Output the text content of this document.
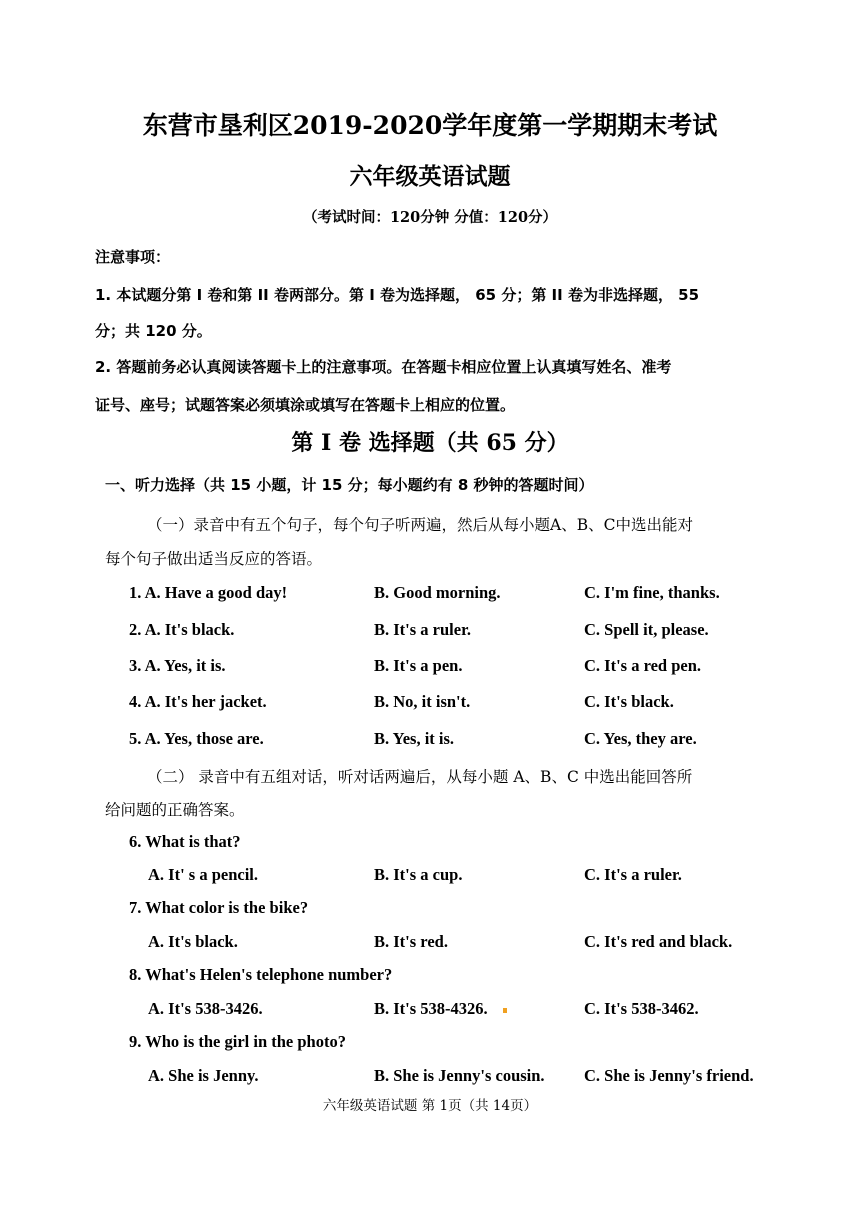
东营市垦利区2019-2020学年度第一学期期末考试
六年级英语试题
（考试时间：120分钟 分值：120分）
注意事项：
1. 本试题分第 I 卷和第 II 卷两部分。第 I 卷为选择题， 65 分；第 II 卷为非选择题， 55
分；共 120 分。
2. 答题前务必认真阅读答题卡上的注意事项。在答题卡相应位置上认真填写姓名、准考
证号、座号；试题答案必须填涂或填写在答题卡上相应的位置。
第 I 卷 选择题（共 65 分）
一、听力选择（共 15 小题，计 15 分；每小题约有 8 秒钟的答题时间）
（一）录音中有五个句子，每个句子听两遍，然后从每小题A、B、C中选出能对
每个句子做出适当反应的答语。
1. A. Have a good day!	B. Good morning.	C. I'm fine, thanks.
2. A. It's black.	B. It's a ruler.	C. Spell it, please.
3. A. Yes, it is.	B. It's a pen.	C. It's a red pen.
4. A. It's her jacket.	B. No, it isn't.	C. It's black.
5. A. Yes, those are.	B. Yes, it is.	C. Yes, they are.
（二） 录音中有五组对话，听对话两遍后，从每小题 A、B、C 中选出能回答所
给问题的正确答案。
6. What is that?
A. It' s a pencil.	B. It's a cup.	C. It's a ruler.
7. What color is the bike?
A. It's black.	B. It's red.	C. It's red and black.
8. What's Helen's telephone number?
A. It's 538-3426.	B. It's 538-4326.	C. It's 538-3462.
9. Who is the girl in the photo?
A. She is Jenny.	B. She is Jenny's cousin. C. She is Jenny's friend.
六年级英语试题 第 1页（共 14页）
